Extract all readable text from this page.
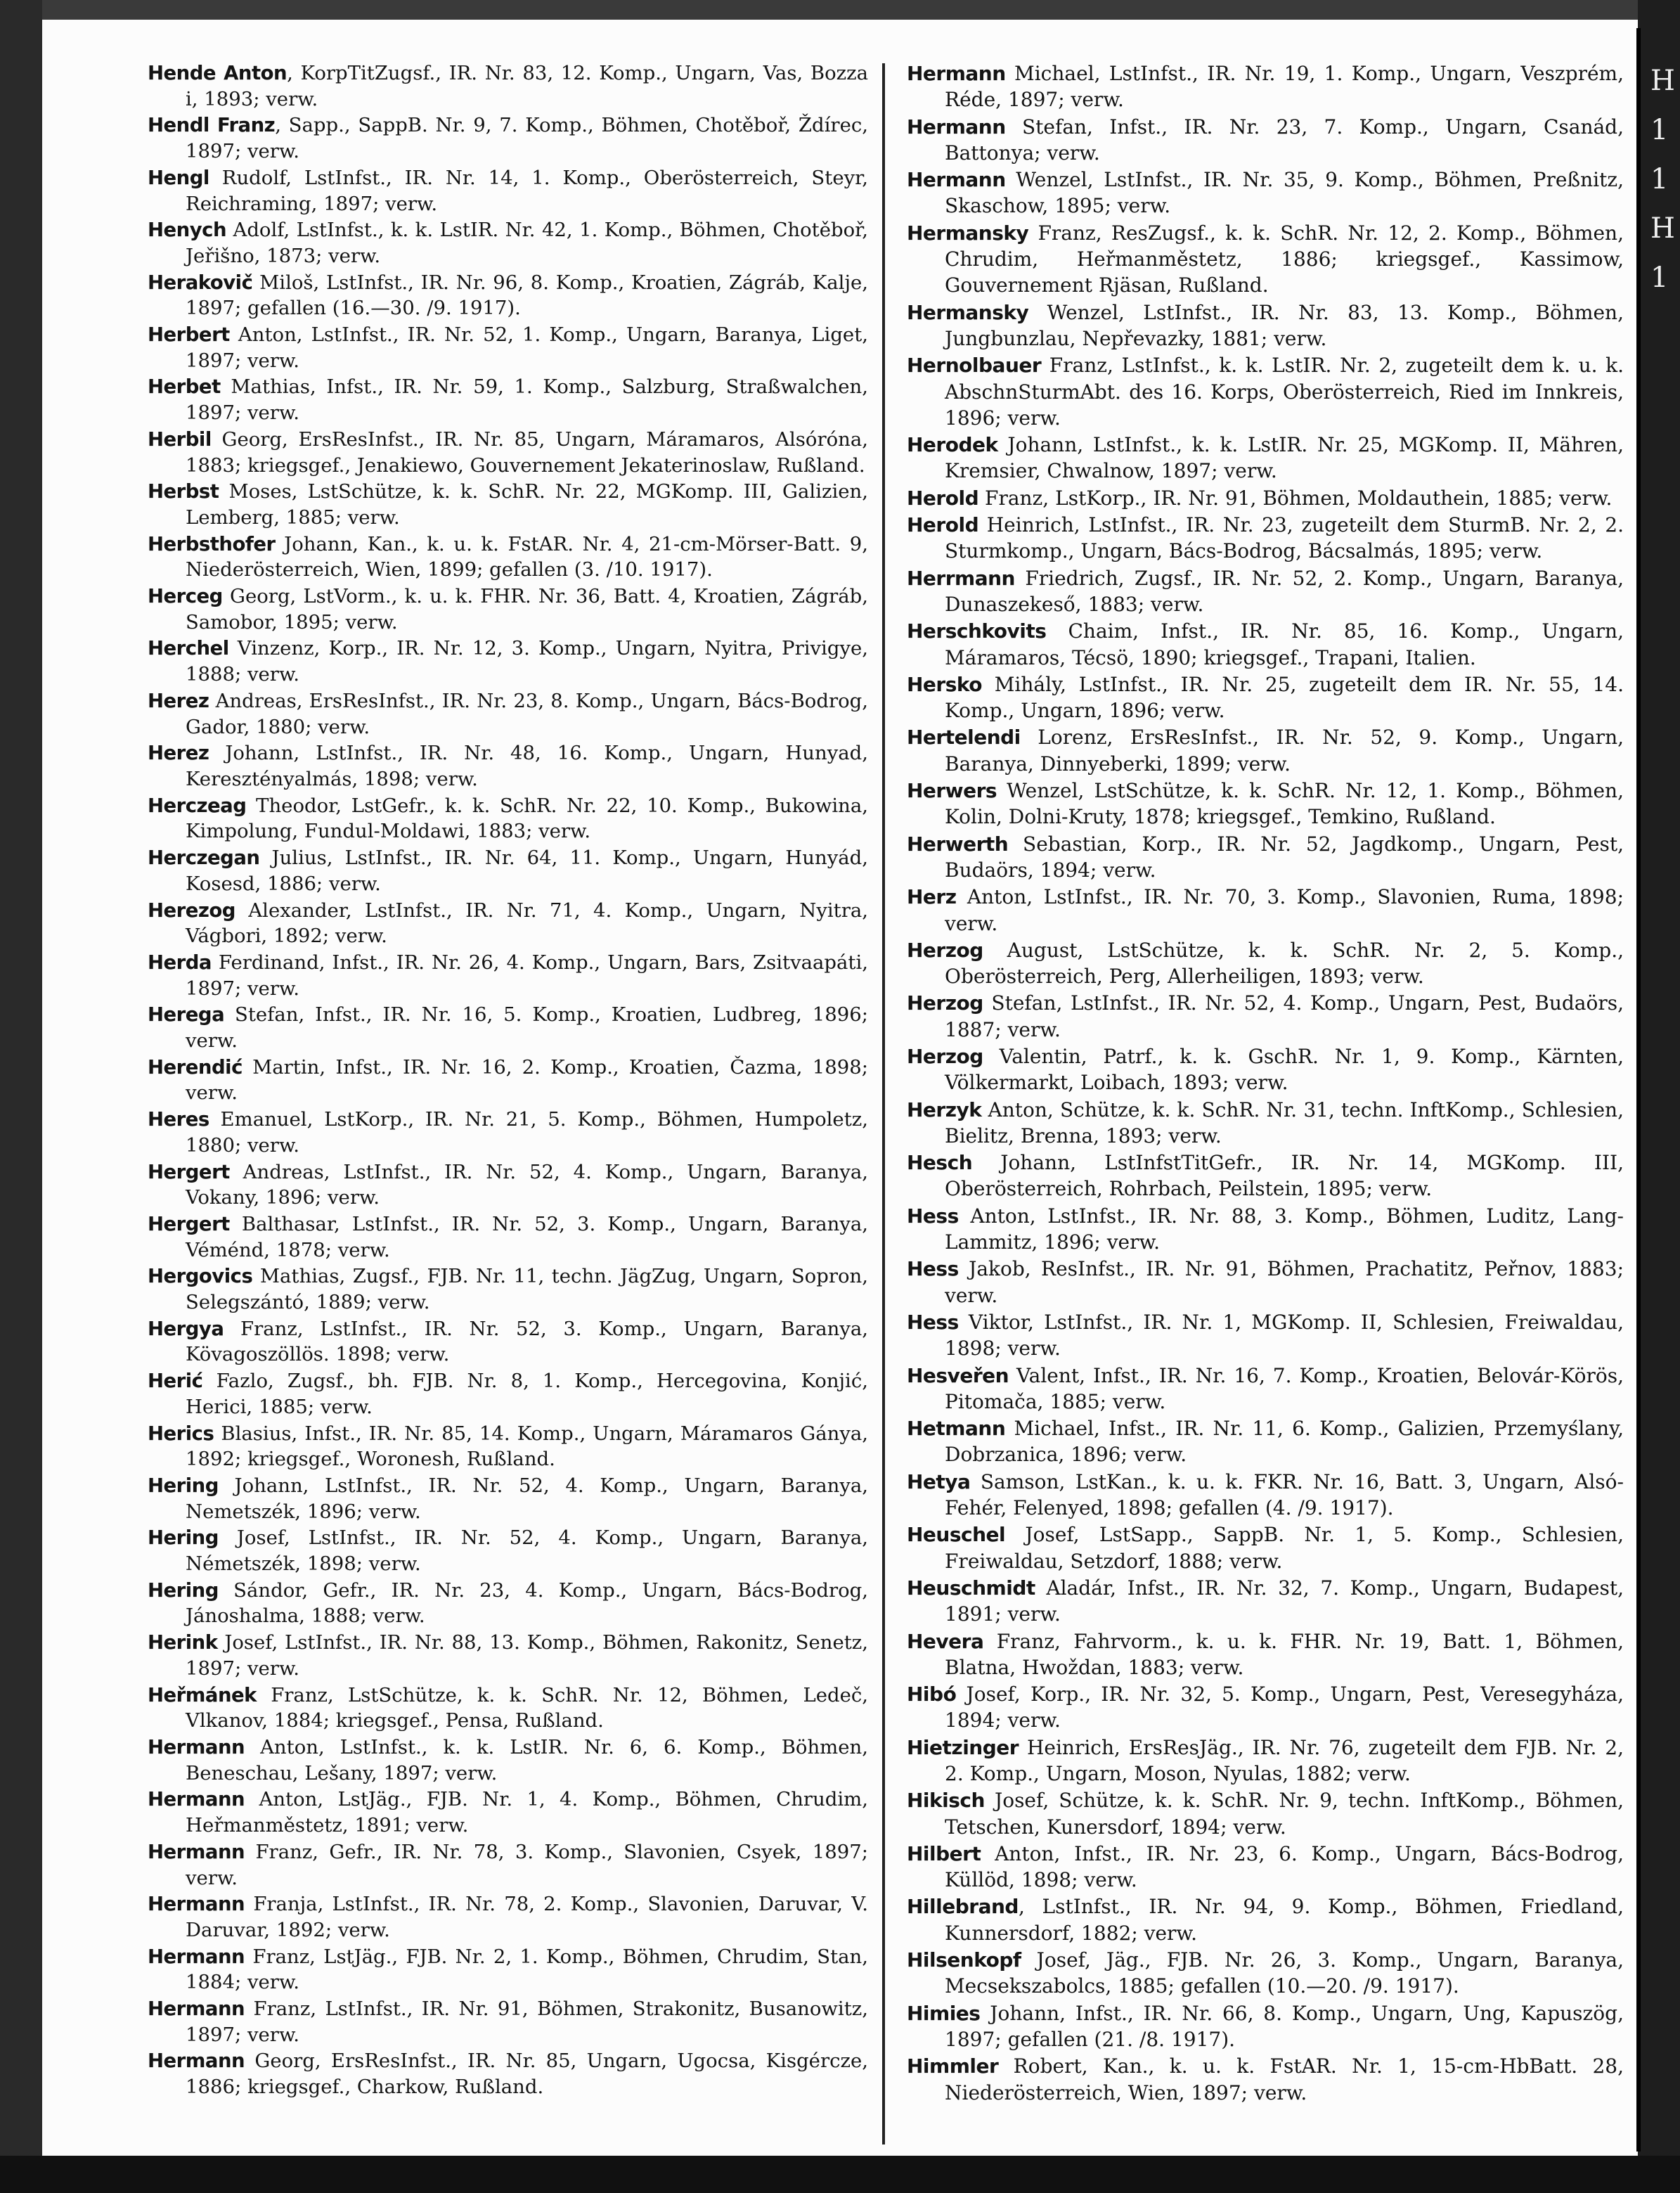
H
1
1
H
1

Hende Anton, KorpTitZugsf., IR. Nr. 83, 12. Komp., Ungarn, Vas, Bozza i, 1893; verw.

Hendl Franz, Sapp., SappB. Nr. 9, 7. Komp., Böhmen, Chotěboř, Ždírec, 1897; verw.

Hengl Rudolf, LstInfst., IR. Nr. 14, 1. Komp., Oberösterreich, Steyr, Reichraming, 1897; verw.

Henych Adolf, LstInfst., k. k. LstIR. Nr. 42, 1. Komp., Böhmen, Chotěboř, Jeřišno, 1873; verw.

Herakovič Miloš, LstInfst., IR. Nr. 96, 8. Komp., Kroatien, Zágráb, Kalje, 1897; gefallen (16.—30. /9. 1917).

Herbert Anton, LstInfst., IR. Nr. 52, 1. Komp., Ungarn, Baranya, Liget, 1897; verw.

Herbet Mathias, Infst., IR. Nr. 59, 1. Komp., Salzburg, Straßwalchen, 1897; verw.

Herbil Georg, ErsResInfst., IR. Nr. 85, Ungarn, Máramaros, Alsóróna, 1883; kriegsgef., Jenakiewo, Gouvernement Jekaterinoslaw, Rußland.

Herbst Moses, LstSchütze, k. k. SchR. Nr. 22, MGKomp. III, Galizien, Lemberg, 1885; verw.

Herbsthofer Johann, Kan., k. u. k. FstAR. Nr. 4, 21-cm-Mörser-Batt. 9, Niederösterreich, Wien, 1899; gefallen (3. /10. 1917).

Herceg Georg, LstVorm., k. u. k. FHR. Nr. 36, Batt. 4, Kroatien, Zágráb, Samobor, 1895; verw.

Herchel Vinzenz, Korp., IR. Nr. 12, 3. Komp., Ungarn, Nyitra, Privigye, 1888; verw.

Herez Andreas, ErsResInfst., IR. Nr. 23, 8. Komp., Ungarn, Bács-Bodrog, Gador, 1880; verw.

Herez Johann, LstInfst., IR. Nr. 48, 16. Komp., Ungarn, Hunyad, Keresztényalmás, 1898; verw.

Herczeag Theodor, LstGefr., k. k. SchR. Nr. 22, 10. Komp., Bukowina, Kimpolung, Fundul-Moldawi, 1883; verw.

Herczegan Julius, LstInfst., IR. Nr. 64, 11. Komp., Ungarn, Hunyád, Kosesd, 1886; verw.

Herezog Alexander, LstInfst., IR. Nr. 71, 4. Komp., Ungarn, Nyitra, Vágbori, 1892; verw.

Herda Ferdinand, Infst., IR. Nr. 26, 4. Komp., Ungarn, Bars, Zsitvaapáti, 1897; verw.

Herega Stefan, Infst., IR. Nr. 16, 5. Komp., Kroatien, Ludbreg, 1896; verw.

Herendić Martin, Infst., IR. Nr. 16, 2. Komp., Kroatien, Čazma, 1898; verw.

Heres Emanuel, LstKorp., IR. Nr. 21, 5. Komp., Böhmen, Humpoletz, 1880; verw.

Hergert Andreas, LstInfst., IR. Nr. 52, 4. Komp., Ungarn, Baranya, Vokany, 1896; verw.

Hergert Balthasar, LstInfst., IR. Nr. 52, 3. Komp., Ungarn, Baranya, Véménd, 1878; verw.

Hergovics Mathias, Zugsf., FJB. Nr. 11, techn. JägZug, Ungarn, Sopron, Selegszántó, 1889; verw.

Hergya Franz, LstInfst., IR. Nr. 52, 3. Komp., Ungarn, Baranya, Kövagoszöllös. 1898; verw.

Herić Fazlo, Zugsf., bh. FJB. Nr. 8, 1. Komp., Hercegovina, Konjić, Herici, 1885; verw.

Herics Blasius, Infst., IR. Nr. 85, 14. Komp., Ungarn, Máramaros Gánya, 1892; kriegsgef., Woronesh, Rußland.

Hering Johann, LstInfst., IR. Nr. 52, 4. Komp., Ungarn, Baranya, Nemetszék, 1896; verw.

Hering Josef, LstInfst., IR. Nr. 52, 4. Komp., Ungarn, Baranya, Németszék, 1898; verw.

Hering Sándor, Gefr., IR. Nr. 23, 4. Komp., Ungarn, Bács-Bodrog, Jánoshalma, 1888; verw.

Herink Josef, LstInfst., IR. Nr. 88, 13. Komp., Böhmen, Rakonitz, Senetz, 1897; verw.

Heřmánek Franz, LstSchütze, k. k. SchR. Nr. 12, Böhmen, Ledeč, Vlkanov, 1884; kriegsgef., Pensa, Rußland.

Hermann Anton, LstInfst., k. k. LstIR. Nr. 6, 6. Komp., Böhmen, Beneschau, Lešany, 1897; verw.

Hermann Anton, LstJäg., FJB. Nr. 1, 4. Komp., Böhmen, Chrudim, Heřmanměstetz, 1891; verw.

Hermann Franz, Gefr., IR. Nr. 78, 3. Komp., Slavonien, Csyek, 1897; verw.

Hermann Franja, LstInfst., IR. Nr. 78, 2. Komp., Slavonien, Daruvar, V. Daruvar, 1892; verw.

Hermann Franz, LstJäg., FJB. Nr. 2, 1. Komp., Böhmen, Chrudim, Stan, 1884; verw.

Hermann Franz, LstInfst., IR. Nr. 91, Böhmen, Strakonitz, Busanowitz, 1897; verw.

Hermann Georg, ErsResInfst., IR. Nr. 85, Ungarn, Ugocsa, Kisgércze, 1886; kriegsgef., Charkow, Rußland.

Hermann Michael, LstInfst., IR. Nr. 19, 1. Komp., Ungarn, Veszprém, Réde, 1897; verw.

Hermann Stefan, Infst., IR. Nr. 23, 7. Komp., Ungarn, Csanád, Battonya; verw.

Hermann Wenzel, LstInfst., IR. Nr. 35, 9. Komp., Böhmen, Preßnitz, Skaschow, 1895; verw.

Hermansky Franz, ResZugsf., k. k. SchR. Nr. 12, 2. Komp., Böhmen, Chrudim, Heřmanměstetz, 1886; kriegsgef., Kassimow, Gouvernement Rjäsan, Rußland.

Hermansky Wenzel, LstInfst., IR. Nr. 83, 13. Komp., Böhmen, Jungbunzlau, Nepřevazky, 1881; verw.

Hernolbauer Franz, LstInfst., k. k. LstIR. Nr. 2, zugeteilt dem k. u. k. AbschnSturmAbt. des 16. Korps, Oberösterreich, Ried im Innkreis, 1896; verw.

Herodek Johann, LstInfst., k. k. LstIR. Nr. 25, MGKomp. II, Mähren, Kremsier, Chwalnow, 1897; verw.

Herold Franz, LstKorp., IR. Nr. 91, Böhmen, Moldauthein, 1885; verw.

Herold Heinrich, LstInfst., IR. Nr. 23, zugeteilt dem SturmB. Nr. 2, 2. Sturmkomp., Ungarn, Bács-Bodrog, Bácsalmás, 1895; verw.

Herrmann Friedrich, Zugsf., IR. Nr. 52, 2. Komp., Ungarn, Baranya, Dunaszekeső, 1883; verw.

Herschkovits Chaim, Infst., IR. Nr. 85, 16. Komp., Ungarn, Máramaros, Técsö, 1890; kriegsgef., Trapani, Italien.

Hersko Mihály, LstInfst., IR. Nr. 25, zugeteilt dem IR. Nr. 55, 14. Komp., Ungarn, 1896; verw.

Hertelendi Lorenz, ErsResInfst., IR. Nr. 52, 9. Komp., Ungarn, Baranya, Dinnyeberki, 1899; verw.

Herwers Wenzel, LstSchütze, k. k. SchR. Nr. 12, 1. Komp., Böhmen, Kolin, Dolni-Kruty, 1878; kriegsgef., Temkino, Rußland.

Herwerth Sebastian, Korp., IR. Nr. 52, Jagdkomp., Ungarn, Pest, Budaörs, 1894; verw.

Herz Anton, LstInfst., IR. Nr. 70, 3. Komp., Slavonien, Ruma, 1898; verw.

Herzog August, LstSchütze, k. k. SchR. Nr. 2, 5. Komp., Oberösterreich, Perg, Allerheiligen, 1893; verw.

Herzog Stefan, LstInfst., IR. Nr. 52, 4. Komp., Ungarn, Pest, Budaörs, 1887; verw.

Herzog Valentin, Patrf., k. k. GschR. Nr. 1, 9. Komp., Kärnten, Völkermarkt, Loibach, 1893; verw.

Herzyk Anton, Schütze, k. k. SchR. Nr. 31, techn. InftKomp., Schlesien, Bielitz, Brenna, 1893; verw.

Hesch Johann, LstInfstTitGefr., IR. Nr. 14, MGKomp. III, Oberösterreich, Rohrbach, Peilstein, 1895; verw.

Hess Anton, LstInfst., IR. Nr. 88, 3. Komp., Böhmen, Luditz, Lang-Lammitz, 1896; verw.

Hess Jakob, ResInfst., IR. Nr. 91, Böhmen, Prachatitz, Peřnov, 1883; verw.

Hess Viktor, LstInfst., IR. Nr. 1, MGKomp. II, Schlesien, Freiwaldau, 1898; verw.

Hesveřen Valent, Infst., IR. Nr. 16, 7. Komp., Kroatien, Belovár-Körös, Pitomača, 1885; verw.

Hetmann Michael, Infst., IR. Nr. 11, 6. Komp., Galizien, Przemyślany, Dobrzanica, 1896; verw.

Hetya Samson, LstKan., k. u. k. FKR. Nr. 16, Batt. 3, Ungarn, Alsó-Fehér, Felenyed, 1898; gefallen (4. /9. 1917).

Heuschel Josef, LstSapp., SappB. Nr. 1, 5. Komp., Schlesien, Freiwaldau, Setzdorf, 1888; verw.

Heuschmidt Aladár, Infst., IR. Nr. 32, 7. Komp., Ungarn, Budapest, 1891; verw.

Hevera Franz, Fahrvorm., k. u. k. FHR. Nr. 19, Batt. 1, Böhmen, Blatna, Hwoždan, 1883; verw.

Hibó Josef, Korp., IR. Nr. 32, 5. Komp., Ungarn, Pest, Veresegyháza, 1894; verw.

Hietzinger Heinrich, ErsResJäg., IR. Nr. 76, zugeteilt dem FJB. Nr. 2, 2. Komp., Ungarn, Moson, Nyulas, 1882; verw.

Hikisch Josef, Schütze, k. k. SchR. Nr. 9, techn. InftKomp., Böhmen, Tetschen, Kunersdorf, 1894; verw.

Hilbert Anton, Infst., IR. Nr. 23, 6. Komp., Ungarn, Bács-Bodrog, Küllöd, 1898; verw.

Hillebrand, LstInfst., IR. Nr. 94, 9. Komp., Böhmen, Friedland, Kunnersdorf, 1882; verw.

Hilsenkopf Josef, Jäg., FJB. Nr. 26, 3. Komp., Ungarn, Baranya, Mecsekszabolcs, 1885; gefallen (10.—20. /9. 1917).

Himies Johann, Infst., IR. Nr. 66, 8. Komp., Ungarn, Ung, Kapuszög, 1897; gefallen (21. /8. 1917).

Himmler Robert, Kan., k. u. k. FstAR. Nr. 1, 15-cm-HbBatt. 28, Niederösterreich, Wien, 1897; verw.
